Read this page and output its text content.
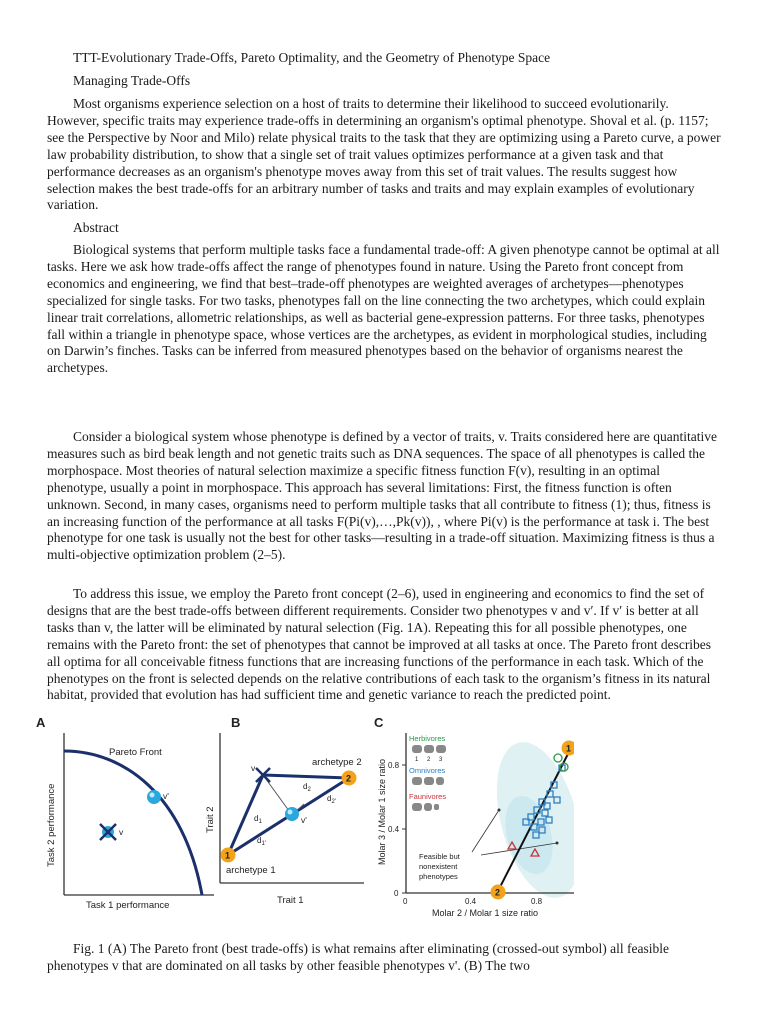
TTT-Evolutionary Trade-Offs, Pareto Optimality, and the Geometry of Phenotype Space
Managing Trade-Offs

Most organisms experience selection on a host of traits to determine their likelihood to succeed evolutionarily. However, specific traits may experience trade-offs in determining an organism's optimal phenotype. Shoval et al. (p. 1157; see the Perspective by Noor and Milo) relate physical traits to the task that they are optimizing using a Pareto curve, a power law probability distribution, to show that a single set of trait values optimizes performance at a given task and that performance decreases as an organism's phenotype moves away from this set of trait values. The results suggest how selection makes the best trade-offs for an arbitrary number of tasks and traits and may explain examples of evolutionary variation.

Abstract

Biological systems that perform multiple tasks face a fundamental trade-off: A given phenotype cannot be optimal at all tasks. Here we ask how trade-offs affect the range of phenotypes found in nature. Using the Pareto front concept from economics and engineering, we find that best–trade-off phenotypes are weighted averages of archetypes—phenotypes specialized for single tasks. For two tasks, phenotypes fall on the line connecting the two archetypes, which could explain linear trait correlations, allometric relationships, as well as bacterial gene-expression patterns. For three tasks, phenotypes fall within a triangle in phenotype space, whose vertices are the archetypes, as evident in morphological studies, including on Darwin’s finches. Tasks can be inferred from measured phenotypes based on the behavior of organisms nearest the archetypes.

Consider a biological system whose phenotype is defined by a vector of traits, v. Traits considered here are quantitative measures such as bird beak length and not genetic traits such as DNA sequences. The space of all phenotypes is called the morphospace. Most theories of natural selection maximize a specific fitness function F(v), resulting in an optimal phenotype, usually a point in morphospace. This approach has several limitations: First, the fitness function is often unknown. Second, in many cases, organisms need to perform multiple tasks that all contribute to fitness (1); thus, fitness is an increasing function of the performance at all tasks F(Pi(v),…,Pk(v)), , where Pi(v) is the performance at task i. The best phenotype for one task is usually not the best for other tasks—resulting in a trade-off situation. Maximizing fitness is thus a multi-objective optimization problem (2–5).

To address this issue, we employ the Pareto front concept (2–6), used in engineering and economics to find the set of designs that are the best trade-offs between different requirements. Consider two phenotypes v and v′. If v′ is better at all tasks than v, the latter will be eliminated by natural selection (Fig. 1A). Repeating this for all possible phenotypes, one remains with the Pareto front: the set of phenotypes that cannot be improved at all tasks at once. The Pareto front describes all optima for all conceivable fitness functions that are increasing functions of the performance in each task. Which of the phenotypes on the front is selected depends on the relative contributions of each task to the organism’s fitness in its natural habitat, provided that evolution has had sufficient time and genetic variance to reach the predicted point.

A
Pareto Front
v'
v
Task 1 performance
Task 2 performance
B
v
v'
$d_1$
$d_2$
$d_{1'}$
$d_{2'}$
1
2
archetype 1
archetype 2
Trait 1
Trait 2
C
Herbivores
1 2 3
Omnivores
Faunivores
Feasible but
nonexistent
phenotypes
2
1
0
0.4
0.8
0	0.4	0.8
Molar 2 / Molar 1 size ratio
Molar 3 / Molar 1 size ratio

Fig. 1 (A) The Pareto front (best trade-offs) is what remains after eliminating (crossed-out symbol) all feasible phenotypes v that are dominated on all tasks by other feasible phenotypes v'. (B) The two
